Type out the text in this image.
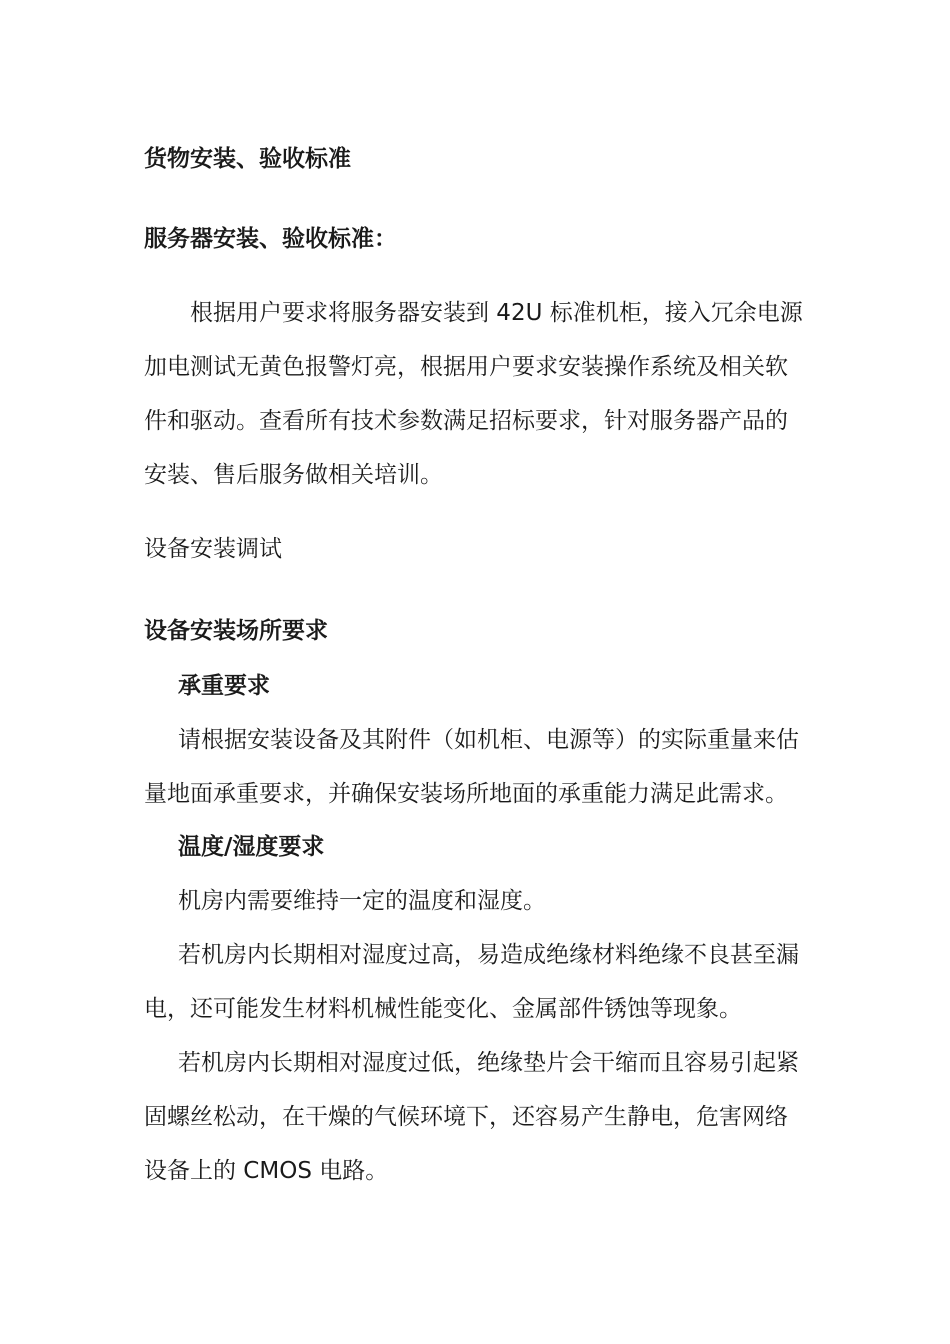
货物安装、验收标准
服务器安装、验收标准：
根据用户要求将服务器安装到 42U 标准机柜，接入冗余电源
加电测试无黄色报警灯亮，根据用户要求安装操作系统及相关软
件和驱动。查看所有技术参数满足招标要求，针对服务器产品的
安装、售后服务做相关培训。
设备安装调试
设备安装场所要求
承重要求
请根据安装设备及其附件（如机柜、电源等）的实际重量来估
量地面承重要求，并确保安装场所地面的承重能力满足此需求。
温度/湿度要求
机房内需要维持一定的温度和湿度。
若机房内长期相对湿度过高，易造成绝缘材料绝缘不良甚至漏
电，还可能发生材料机械性能变化、金属部件锈蚀等现象。
若机房内长期相对湿度过低，绝缘垫片会干缩而且容易引起紧
固螺丝松动，在干燥的气候环境下，还容易产生静电，危害网络
设备上的 CMOS 电路。
